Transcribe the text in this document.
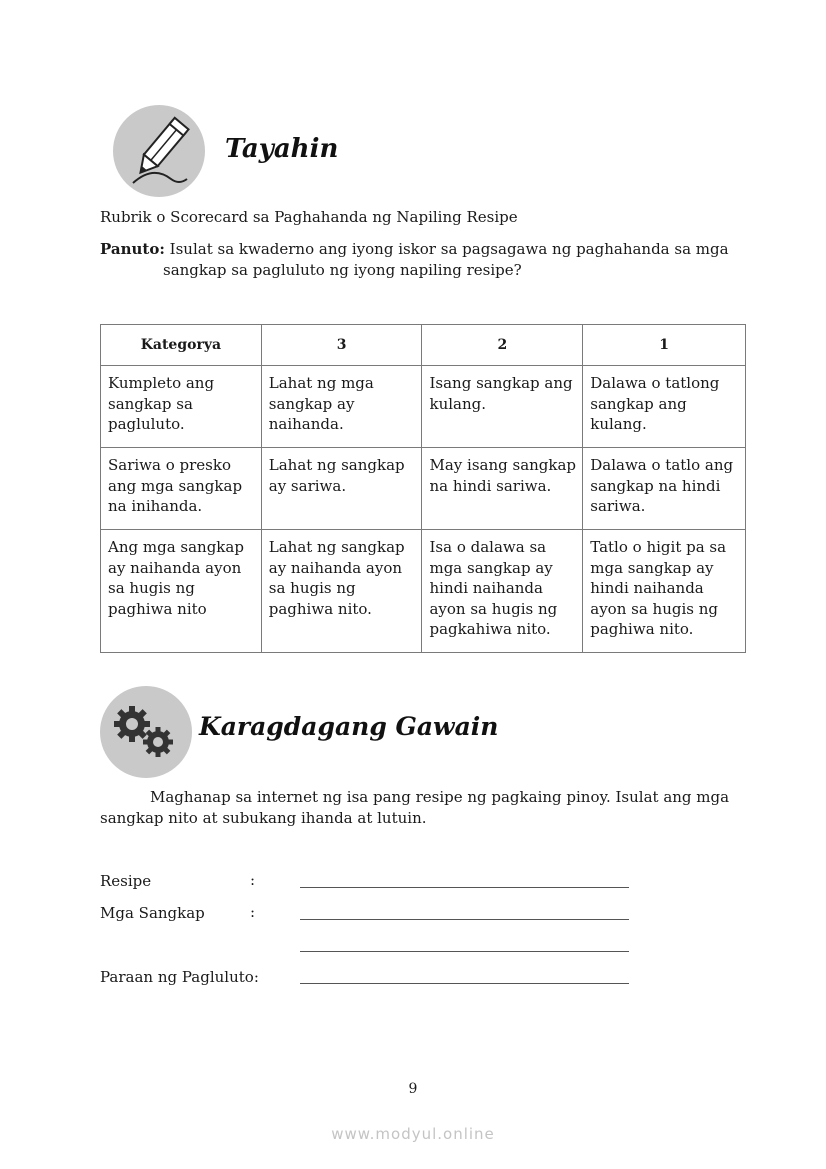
Tayahin
Rubrik o Scorecard sa Paghahanda ng Napiling Resipe
Panuto: Isulat sa kwaderno ang iyong iskor sa pagsagawa ng paghahanda sa mga
sangkap sa pagluluto ng iyong napiling resipe?
Kategorya	3	2	1
Kumpleto ang sangkap sa pagluluto.	Lahat ng mga sangkap ay naihanda.	Isang sangkap ang kulang.	Dalawa o tatlong sangkap ang kulang.
Sariwa o presko ang mga sangkap na inihanda.	Lahat ng sangkap ay sariwa.	May isang sangkap na hindi sariwa.	Dalawa o tatlo ang sangkap na hindi sariwa.
Ang mga sangkap ay naihanda ayon sa hugis ng paghiwa nito	Lahat ng sangkap ay naihanda ayon sa hugis ng paghiwa nito.	Isa o dalawa sa mga sangkap ay hindi naihanda ayon sa hugis ng pagkahiwa nito.	Tatlo o higit pa sa mga sangkap ay hindi naihanda ayon sa hugis ng paghiwa nito.
Karagdagang Gawain
Maghanap sa internet ng isa pang resipe ng pagkaing pinoy. Isulat ang mga
sangkap nito at subukang ihanda at lutuin.
Resipe	:
Mga Sangkap	:
Paraan ng Pagluluto:
9
www.modyul.online
